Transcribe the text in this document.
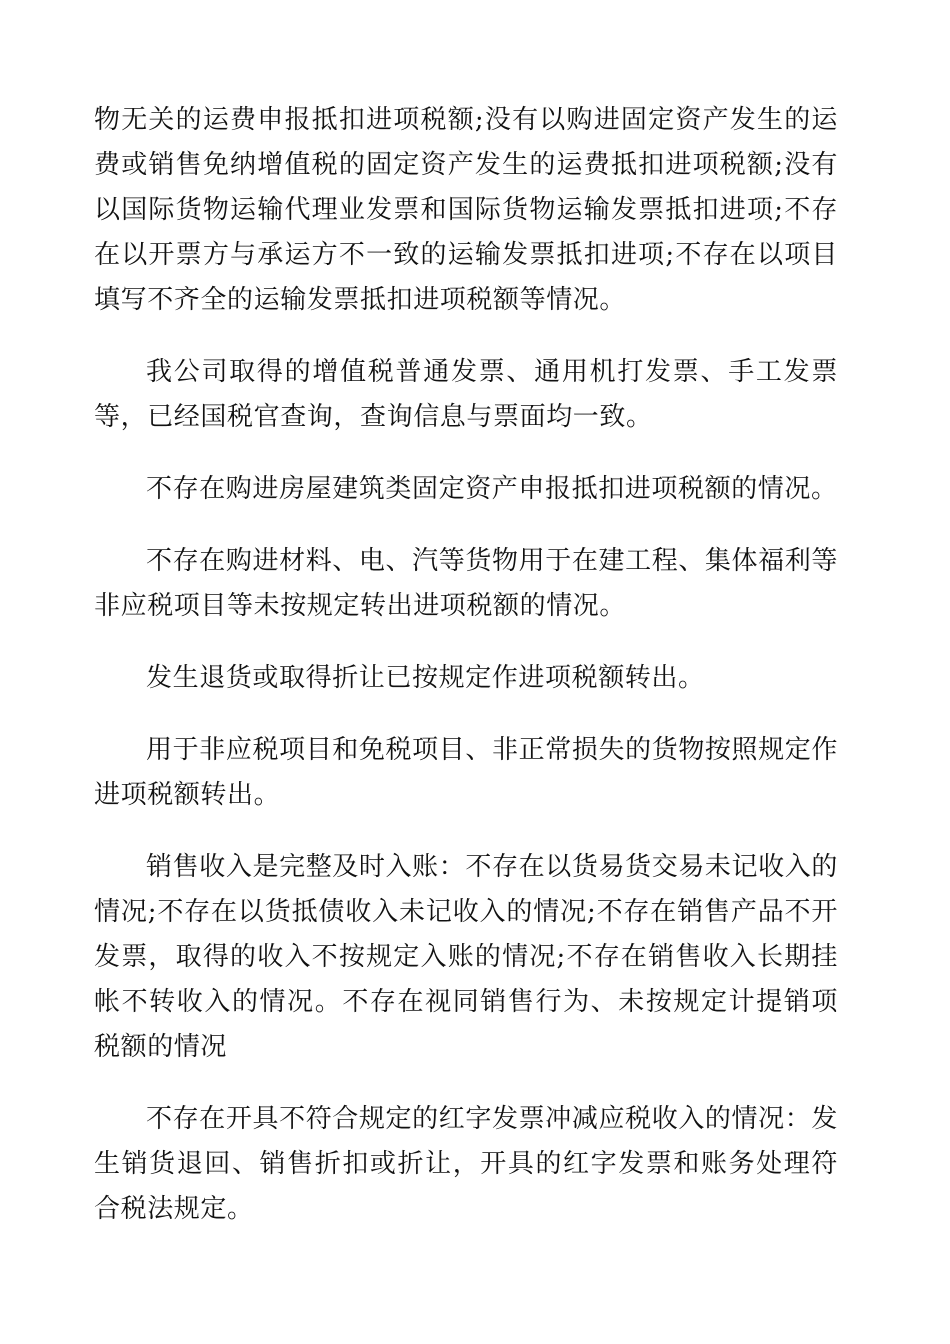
物无关的运费申报抵扣进项税额;没有以购进固定资产发生的运费或销售免纳增值税的固定资产发生的运费抵扣进项税额;没有以国际货物运输代理业发票和国际货物运输发票抵扣进项;不存在以开票方与承运方不一致的运输发票抵扣进项;不存在以项目填写不齐全的运输发票抵扣进项税额等情况。

我公司取得的增值税普通发票、通用机打发票、手工发票等，已经国税官查询，查询信息与票面均一致。

不存在购进房屋建筑类固定资产申报抵扣进项税额的情况。

不存在购进材料、电、汽等货物用于在建工程、集体福利等非应税项目等未按规定转出进项税额的情况。

发生退货或取得折让已按规定作进项税额转出。

用于非应税项目和免税项目、非正常损失的货物按照规定作进项税额转出。

销售收入是完整及时入账：不存在以货易货交易未记收入的情况;不存在以货抵债收入未记收入的情况;不存在销售产品不开发票，取得的收入不按规定入账的情况;不存在销售收入长期挂帐不转收入的情况。不存在视同销售行为、未按规定计提销项税额的情况

不存在开具不符合规定的红字发票冲减应税收入的情况：发生销货退回、销售折扣或折让，开具的红字发票和账务处理符合税法规定。
